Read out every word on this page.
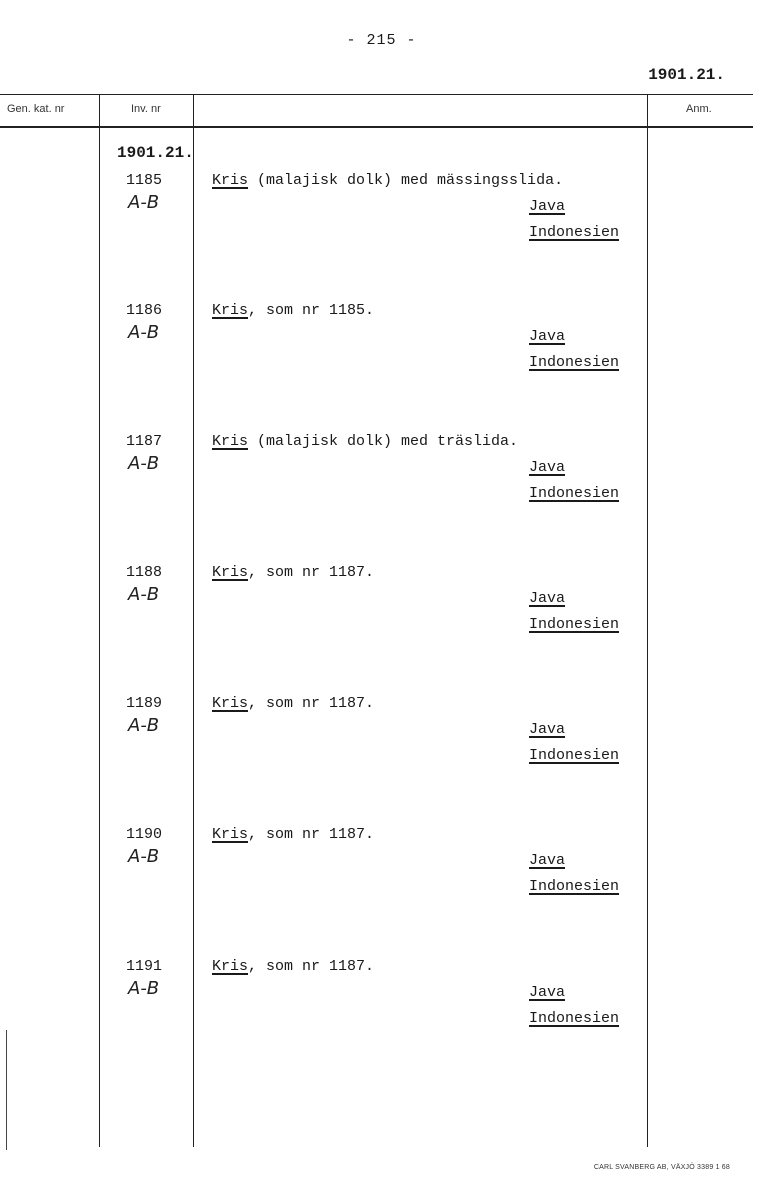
- 215 -
1901.21.
Gen. kat. nr	Inv. nr	Anm.
1901.21.
1185
A-B
Kris (malajisk dolk) med mässingsslida.
Java
Indonesien
1186
A-B
Kris, som nr 1185.
Java
Indonesien
1187
A-B
Kris (malajisk dolk) med träslida.
Java
Indonesien
1188
A-B
Kris, som nr 1187.
Java
Indonesien
1189
A-B
Kris, som nr 1187.
Java
Indonesien
1190
A-B
Kris, som nr 1187.
Java
Indonesien
1191
A-B
Kris, som nr 1187.
Java
Indonesien
CARL SVANBERG AB, VÄXJÖ 3389 1 68
